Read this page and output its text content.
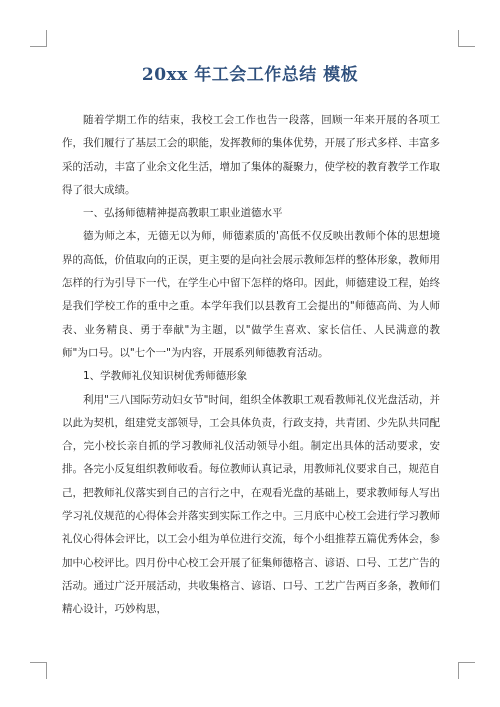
20xx 年工会工作总结 模板

随着学期工作的结束，我校工会工作也告一段落，回顾一年来开展的各项工作，我们履行了基层工会的职能，发挥教师的集体优势，开展了形式多样、丰富多采的活动，丰富了业余文化生活，增加了集体的凝聚力，使学校的教育教学工作取得了很大成绩。

一、弘扬师德精神提高教职工职业道德水平

德为师之本，无德无以为师，师德素质的'高低不仅反映出教师个体的思想境界的高低，价值取向的正误，更主要的是向社会展示教师怎样的整体形象，教师用怎样的行为引导下一代，在学生心中留下怎样的烙印。因此，师德建设工程，始终是我们学校工作的重中之重。本学年我们以县教育工会提出的"师德高尚、为人师表、业务精良、勇于奉献"为主题，以"做学生喜欢、家长信任、人民满意的教师"为口号。以"七个一"为内容，开展系列师德教育活动。

1、学教师礼仪知识树优秀师德形象

利用"三八国际劳动妇女节"时间，组织全体教职工观看教师礼仪光盘活动，并以此为契机，组建党支部领导，工会具体负责，行政支持，共青团、少先队共同配合，完小校长亲自抓的学习教师礼仪活动领导小组。制定出具体的活动要求，安排。各完小反复组织教师收看。每位教师认真记录，用教师礼仪要求自己，规范自己，把教师礼仪落实到自己的言行之中，在观看光盘的基础上，要求教师每人写出学习礼仪规范的心得体会并落实到实际工作之中。三月底中心校工会进行学习教师礼仪心得体会评比，以工会小组为单位进行交流，每个小组推荐五篇优秀体会，参加中心校评比。四月份中心校工会开展了征集师德格言、谚语、口号、工艺广告的活动。通过广泛开展活动，共收集格言、谚语、口号、工艺广告两百多条，教师们精心设计，巧妙构思，
